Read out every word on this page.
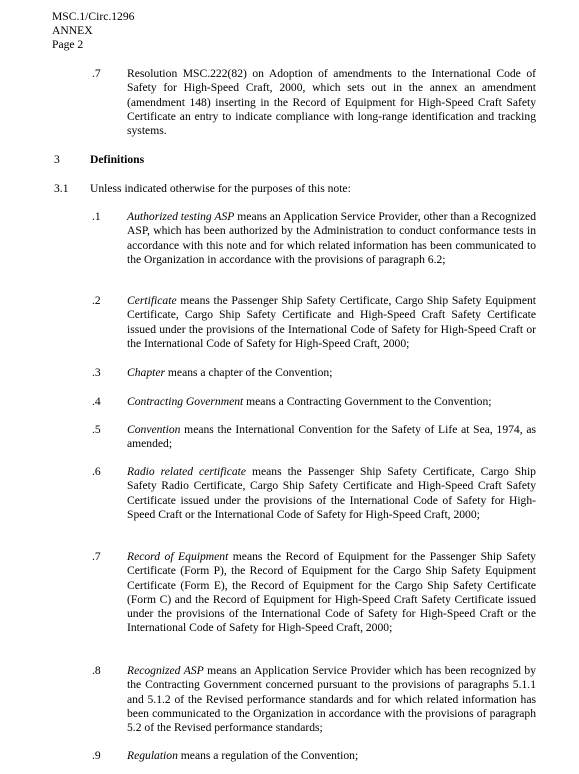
MSC.1/Circ.1296
ANNEX
Page 2
.7 Resolution MSC.222(82) on Adoption of amendments to the International Code of Safety for High-Speed Craft, 2000, which sets out in the annex an amendment (amendment 148) inserting in the Record of Equipment for High-Speed Craft Safety Certificate an entry to indicate compliance with long-range identification and tracking systems.
3	Definitions
3.1 Unless indicated otherwise for the purposes of this note:
.1 Authorized testing ASP means an Application Service Provider, other than a Recognized ASP, which has been authorized by the Administration to conduct conformance tests in accordance with this note and for which related information has been communicated to the Organization in accordance with the provisions of paragraph 6.2;
.2 Certificate means the Passenger Ship Safety Certificate, Cargo Ship Safety Equipment Certificate, Cargo Ship Safety Certificate and High-Speed Craft Safety Certificate issued under the provisions of the International Code of Safety for High-Speed Craft or the International Code of Safety for High-Speed Craft, 2000;
.3 Chapter means a chapter of the Convention;
.4 Contracting Government means a Contracting Government to the Convention;
.5 Convention means the International Convention for the Safety of Life at Sea, 1974, as amended;
.6 Radio related certificate means the Passenger Ship Safety Certificate, Cargo Ship Safety Radio Certificate, Cargo Ship Safety Certificate and High-Speed Craft Safety Certificate issued under the provisions of the International Code of Safety for High-Speed Craft or the International Code of Safety for High-Speed Craft, 2000;
.7 Record of Equipment means the Record of Equipment for the Passenger Ship Safety Certificate (Form P), the Record of Equipment for the Cargo Ship Safety Equipment Certificate (Form E), the Record of Equipment for the Cargo Ship Safety Certificate (Form C) and the Record of Equipment for High-Speed Craft Safety Certificate issued under the provisions of the International Code of Safety for High-Speed Craft or the International Code of Safety for High-Speed Craft, 2000;
.8 Recognized ASP means an Application Service Provider which has been recognized by the Contracting Government concerned pursuant to the provisions of paragraphs 5.1.1 and 5.1.2 of the Revised performance standards and for which related information has been communicated to the Organization in accordance with the provisions of paragraph 5.2 of the Revised performance standards;
.9 Regulation means a regulation of the Convention;
